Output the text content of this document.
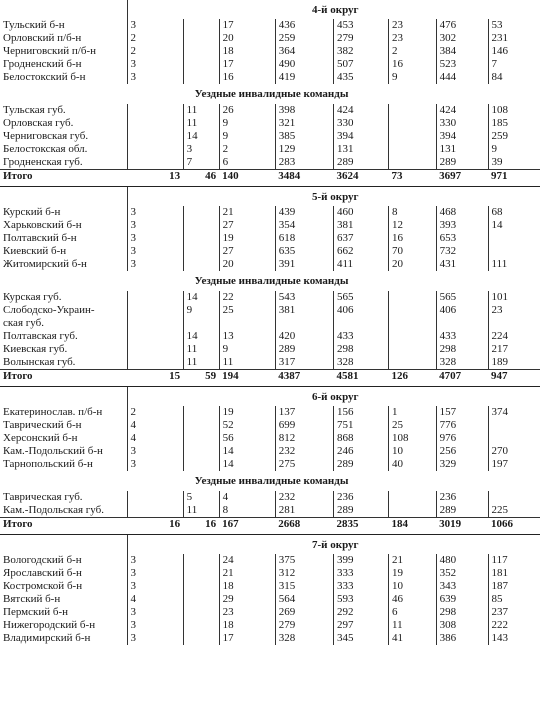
	4-й округ							
Тульский б-н	3		17	436	453	23	476	53
Орловский п/б-н	2		20	259	279	23	302	231
Черниговский п/б-н	2		18	364	382	2	384	146
Гродненский б-н	3		17	490	507	16	523	7
Белостокский б-н	3		16	419	435	9	444	84
Уездные инвалидные команды								
Тульская губ.		11	26	398	424		424	108
Орловская губ.		11	9	321	330		330	185
Черниговская губ.		14	9	385	394		394	259
Белостокская обл.		3	2	129	131		131	9
Гродненская губ.		7	6	283	289		289	39
Итого	13	46	140	3484	3624	73	3697	971
	5-й округ							
Курский б-н	3		21	439	460	8	468	68
Харьковский б-н	3		27	354	381	12	393	14
Полтавский б-н	3		19	618	637	16	653	
Киевский б-н	3		27	635	662	70	732	
Житомирский б-н	3		20	391	411	20	431	111
Уездные инвалидные команды								
Курская губ.		14	22	543	565		565	101
Слободско-Украин-
ская губ.		9	25	381	406		406	23
Полтавская губ.		14	13	420	433		433	224
Киевская губ.		11	9	289	298		298	217
Волынская губ.		11	11	317	328		328	189
Итого	15	59	194	4387	4581	126	4707	947
	6-й округ							
Екатеринослав. п/б-н	2		19	137	156	1	157	374
Таврический б-н	4		52	699	751	25	776	
Херсонский б-н	4		56	812	868	108	976	
Кам.-Подольский б-н	3		14	232	246	10	256	270
Тарнопольский б-н	3		14	275	289	40	329	197
Уездные инвалидные команды								
Таврическая губ.		5	4	232	236		236	
Кам.-Подольская губ.		11	8	281	289		289	225
Итого	16	16	167	2668	2835	184	3019	1066
	7-й округ							
Вологодский б-н	3		24	375	399	21	480	117
Ярославский б-н	3		21	312	333	19	352	181
Костромской б-н	3		18	315	333	10	343	187
Вятский б-н	4		29	564	593	46	639	85
Пермский б-н	3		23	269	292	6	298	237
Нижегородский б-н	3		18	279	297	11	308	222
Владимирский б-н	3		17	328	345	41	386	143
